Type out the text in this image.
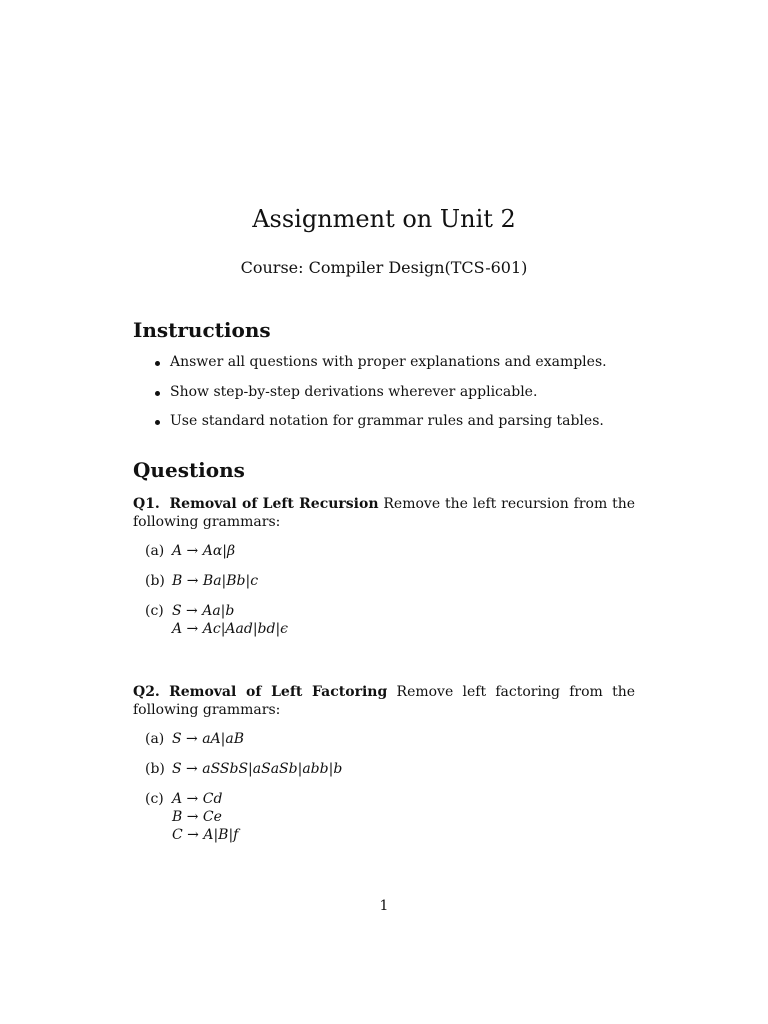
Assignment on Unit 2
Course: Compiler Design(TCS-601)
Instructions
Answer all questions with proper explanations and examples.
Show step-by-step derivations wherever applicable.
Use standard notation for grammar rules and parsing tables.
Questions
Q1. Removal of Left Recursion Remove the left recursion from the following grammars:
(a) A → Aα|β
(b) B → Ba|Bb|c
(c) S → Aa|b
A → Ac|Aad|bd|ϵ
Q2. Removal of Left Factoring Remove left factoring from the following grammars:
(a) S → aA|aB
(b) S → aSSbS|aSaSb|abb|b
(c) A → Cd
B → Ce
C → A|B|f
1
